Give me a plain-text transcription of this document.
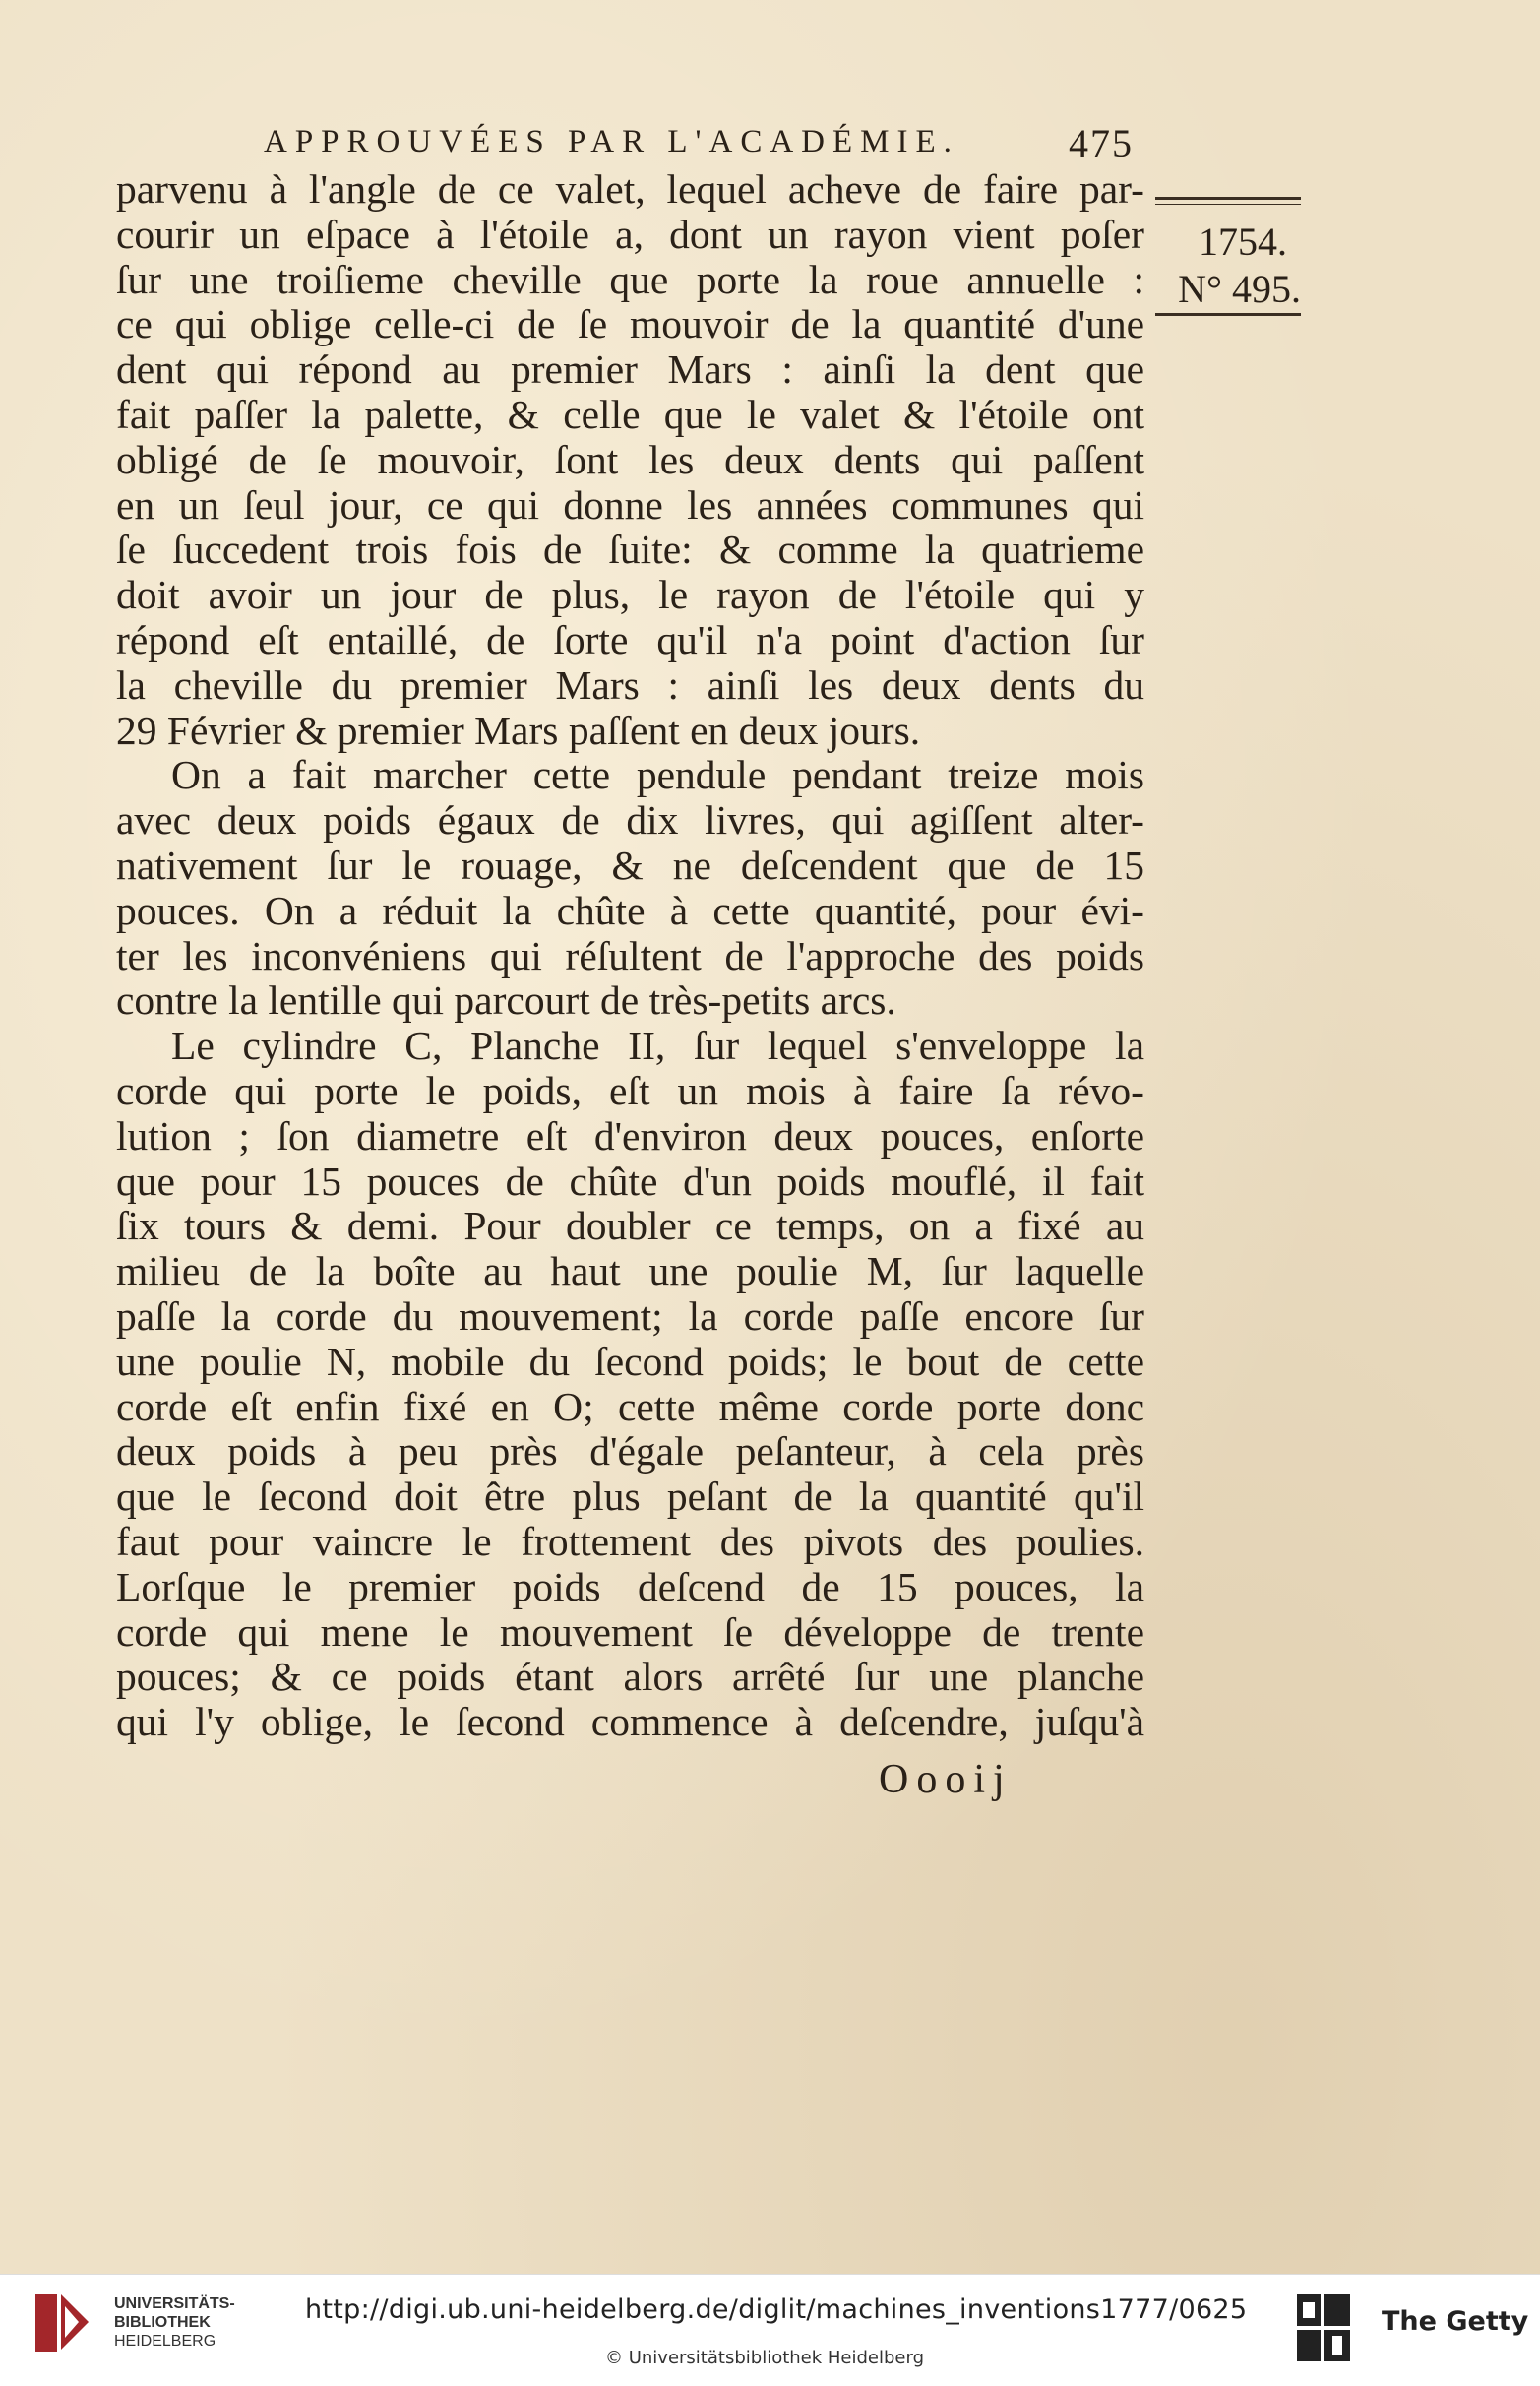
APPROUVÉES PAR L'ACADÉMIE.	475
1754.
N° 495.

parvenu à l'angle de ce valet, lequel acheve de faire par-
courir un eſpace à l'étoile a, dont un rayon vient poſer
ſur une troiſieme cheville que porte la roue annuelle :
ce qui oblige celle-ci de ſe mouvoir de la quantité d'une
dent qui répond au premier Mars : ainſi la dent que
fait paſſer la palette, & celle que le valet & l'étoile ont
obligé de ſe mouvoir, ſont les deux dents qui paſſent
en un ſeul jour, ce qui donne les années communes qui
ſe ſuccedent trois fois de ſuite: & comme la quatrieme
doit avoir un jour de plus, le rayon de l'étoile qui y
répond eſt entaillé, de ſorte qu'il n'a point d'action ſur
la cheville du premier Mars : ainſi les deux dents du
29 Février & premier Mars paſſent en deux jours.

On a fait marcher cette pendule pendant treize mois
avec deux poids égaux de dix livres, qui agiſſent alter-
nativement ſur le rouage, & ne deſcendent que de 15
pouces. On a réduit la chûte à cette quantité, pour évi-
ter les inconvéniens qui réſultent de l'approche des poids
contre la lentille qui parcourt de très-petits arcs.

Le cylindre C, Planche II, ſur lequel s'enveloppe la
corde qui porte le poids, eſt un mois à faire ſa révo-
lution ; ſon diametre eſt d'environ deux pouces, enſorte
que pour 15 pouces de chûte d'un poids mouflé, il fait
ſix tours & demi. Pour doubler ce temps, on a fixé au
milieu de la boîte au haut une poulie M, ſur laquelle
paſſe la corde du mouvement; la corde paſſe encore ſur
une poulie N, mobile du ſecond poids; le bout de cette
corde eſt enfin fixé en O; cette même corde porte donc
deux poids à peu près d'égale peſanteur, à cela près
que le ſecond doit être plus peſant de la quantité qu'il
faut pour vaincre le frottement des pivots des poulies.
Lorſque le premier poids deſcend de 15 pouces, la
corde qui mene le mouvement ſe développe de trente
pouces; & ce poids étant alors arrêté ſur une planche
qui l'y oblige, le ſecond commence à deſcendre, juſqu'à

Oooij
UNIVERSITÄTS-
BIBLIOTHEK
HEIDELBERG
http://digi.ub.uni-heidelberg.de/diglit/machines_inventions1777/0625
© Universitätsbibliothek Heidelberg
The Getty
